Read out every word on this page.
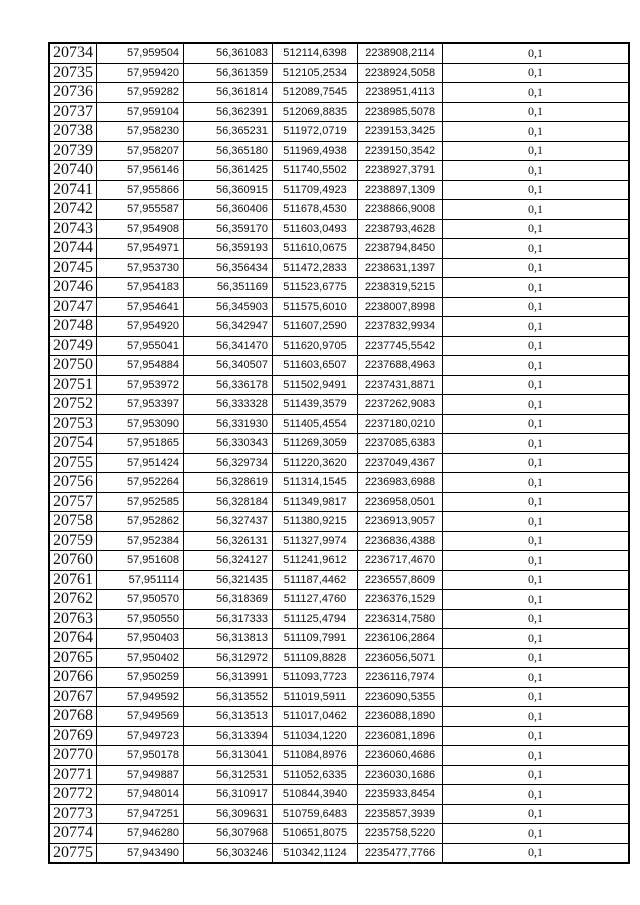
20734	57,959504	56,361083	512114,6398	2238908,2114	0,1
20735	57,959420	56,361359	512105,2534	2238924,5058	0,1
20736	57,959282	56,361814	512089,7545	2238951,4113	0,1
20737	57,959104	56,362391	512069,8835	2238985,5078	0,1
20738	57,958230	56,365231	511972,0719	2239153,3425	0,1
20739	57,958207	56,365180	511969,4938	2239150,3542	0,1
20740	57,956146	56,361425	511740,5502	2238927,3791	0,1
20741	57,955866	56,360915	511709,4923	2238897,1309	0,1
20742	57,955587	56,360406	511678,4530	2238866,9008	0,1
20743	57,954908	56,359170	511603,0493	2238793,4628	0,1
20744	57,954971	56,359193	511610,0675	2238794,8450	0,1
20745	57,953730	56,356434	511472,2833	2238631,1397	0,1
20746	57,954183	56,351169	511523,6775	2238319,5215	0,1
20747	57,954641	56,345903	511575,6010	2238007,8998	0,1
20748	57,954920	56,342947	511607,2590	2237832,9934	0,1
20749	57,955041	56,341470	511620,9705	2237745,5542	0,1
20750	57,954884	56,340507	511603,6507	2237688,4963	0,1
20751	57,953972	56,336178	511502,9491	2237431,8871	0,1
20752	57,953397	56,333328	511439,3579	2237262,9083	0,1
20753	57,953090	56,331930	511405,4554	2237180,0210	0,1
20754	57,951865	56,330343	511269,3059	2237085,6383	0,1
20755	57,951424	56,329734	511220,3620	2237049,4367	0,1
20756	57,952264	56,328619	511314,1545	2236983,6988	0,1
20757	57,952585	56,328184	511349,9817	2236958,0501	0,1
20758	57,952862	56,327437	511380,9215	2236913,9057	0,1
20759	57,952384	56,326131	511327,9974	2236836,4388	0,1
20760	57,951608	56,324127	511241,9612	2236717,4670	0,1
20761	57,951114	56,321435	511187,4462	2236557,8609	0,1
20762	57,950570	56,318369	511127,4760	2236376,1529	0,1
20763	57,950550	56,317333	511125,4794	2236314,7580	0,1
20764	57,950403	56,313813	511109,7991	2236106,2864	0,1
20765	57,950402	56,312972	511109,8828	2236056,5071	0,1
20766	57,950259	56,313991	511093,7723	2236116,7974	0,1
20767	57,949592	56,313552	511019,5911	2236090,5355	0,1
20768	57,949569	56,313513	511017,0462	2236088,1890	0,1
20769	57,949723	56,313394	511034,1220	2236081,1896	0,1
20770	57,950178	56,313041	511084,8976	2236060,4686	0,1
20771	57,949887	56,312531	511052,6335	2236030,1686	0,1
20772	57,948014	56,310917	510844,3940	2235933,8454	0,1
20773	57,947251	56,309631	510759,6483	2235857,3939	0,1
20774	57,946280	56,307968	510651,8075	2235758,5220	0,1
20775	57,943490	56,303246	510342,1124	2235477,7766	0,1
